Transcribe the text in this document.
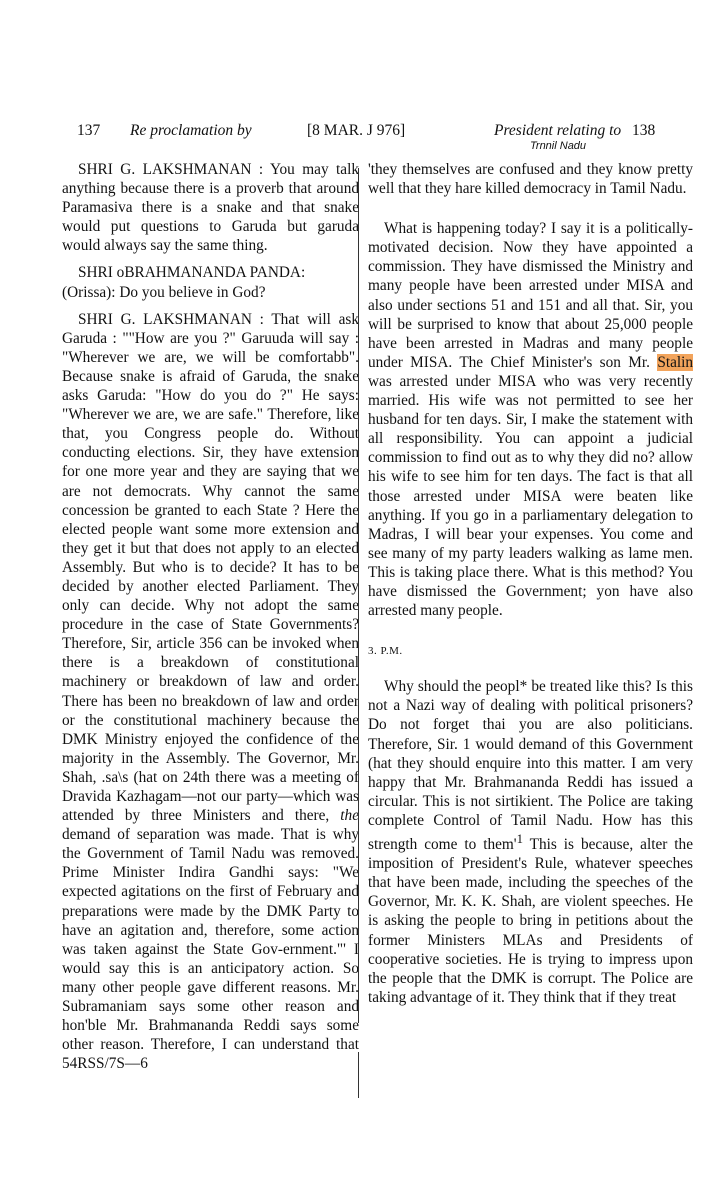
137 Re proclamation by	[8 MAR. J 976]	President relating to 138
Trnnil Nadu

SHRI G. LAKSHMANAN : You may talk anything because there is a proverb that around Paramasiva there is a snake and that snake would put questions to Garuda but garuda would always say the same thing.

SHRI oBRAHMANANDA PANDA:

(Orissa): Do you believe in God?

SHRI G. LAKSHMANAN : That will ask Garuda : ""How are you ?" Garuuda will say : "Wherever we are, we will be comfortabb". Because snake is afraid of Garuda, the snake asks Garuda: "How do you do ?" He says: "Wherever we are, we are safe." Therefore, like that, you Congress people do. Without conducting elections. Sir, they have extension for one more year and they are saying that we are not democrats. Why cannot the same concession be granted to each State ? Here the elected people want some more extension and they get it but that does not apply to an elected Assembly. But who is to decide? It has to be decided by another elected Parliament. They only can decide. Why not adopt the same procedure in the case of State Governments? Therefore, Sir, article 356 can be invoked when there is a breakdown of constitutional machinery or breakdown of law and order. There has been no breakdown of law and order or the constitutional machinery because the DMK Ministry enjoyed the confidence of the majority in the Assembly. The Governor, Mr. Shah, .sa\s (hat on 24th there was a meeting of Dravida Kazhagam—not our party—which was attended by three Ministers and there, the demand of separation was made. That is why the Government of Tamil Nadu was removed. Prime Minister Indira Gandhi says: "We expected agitations on the first of February and preparations were made by the DMK Party to have an agitation and, therefore, some action was taken against the State Gov-ernment."' I would say this is an anticipatory action. So many other people gave different reasons. Mr. Subramaniam says some other reason and hon'ble Mr. Brahmananda Reddi says some other reason. Therefore, I can understand that 54RSS/7S—6

'they themselves are confused and they know pretty well that they hare killed democracy in Tamil Nadu.

What is happening today? I say it is a politically-motivated decision. Now they have appointed a commission. They have dismissed the Ministry and many people have been arrested under MISA and also under sections 51 and 151 and all that. Sir, you will be surprised to know that about 25,000 people have been arrested in Madras and many people under MISA. The Chief Minister's son Mr. Stalin was arrested under MISA who was very recently married. His wife was not permitted to see her husband for ten days. Sir, I make the statement with all responsibility. You can appoint a judicial commission to find out as to why they did no? allow his wife to see him for ten days. The fact is that all those arrested under MISA were beaten like anything. If you go in a parliamentary delegation to Madras, I will bear your expenses. You come and see many of my party leaders walking as lame men. This is taking place there. What is this method? You have dismissed the Government; yon have also arrested many people.

3. P.M.

Why should the peopl* be treated like this? Is this not a Nazi way of dealing with political prisoners? Do not forget thai you are also politicians. Therefore, Sir. 1 would demand of this Government (hat they should enquire into this matter. I am very happy that Mr. Brahmananda Reddi has issued a circular. This is not sirtikient. The Police are taking complete Control of Tamil Nadu. How has this strength come to $them'^1$ This is because, alter the imposition of President's Rule, whatever speeches that have been made, including the speeches of the Governor, Mr. K. K. Shah, are violent speeches. He is asking the people to bring in petitions about the former Ministers MLAs and Presidents of cooperative societies. He is trying to impress upon the people that the DMK is corrupt. The Police are taking advantage of it. They think that if they treat
